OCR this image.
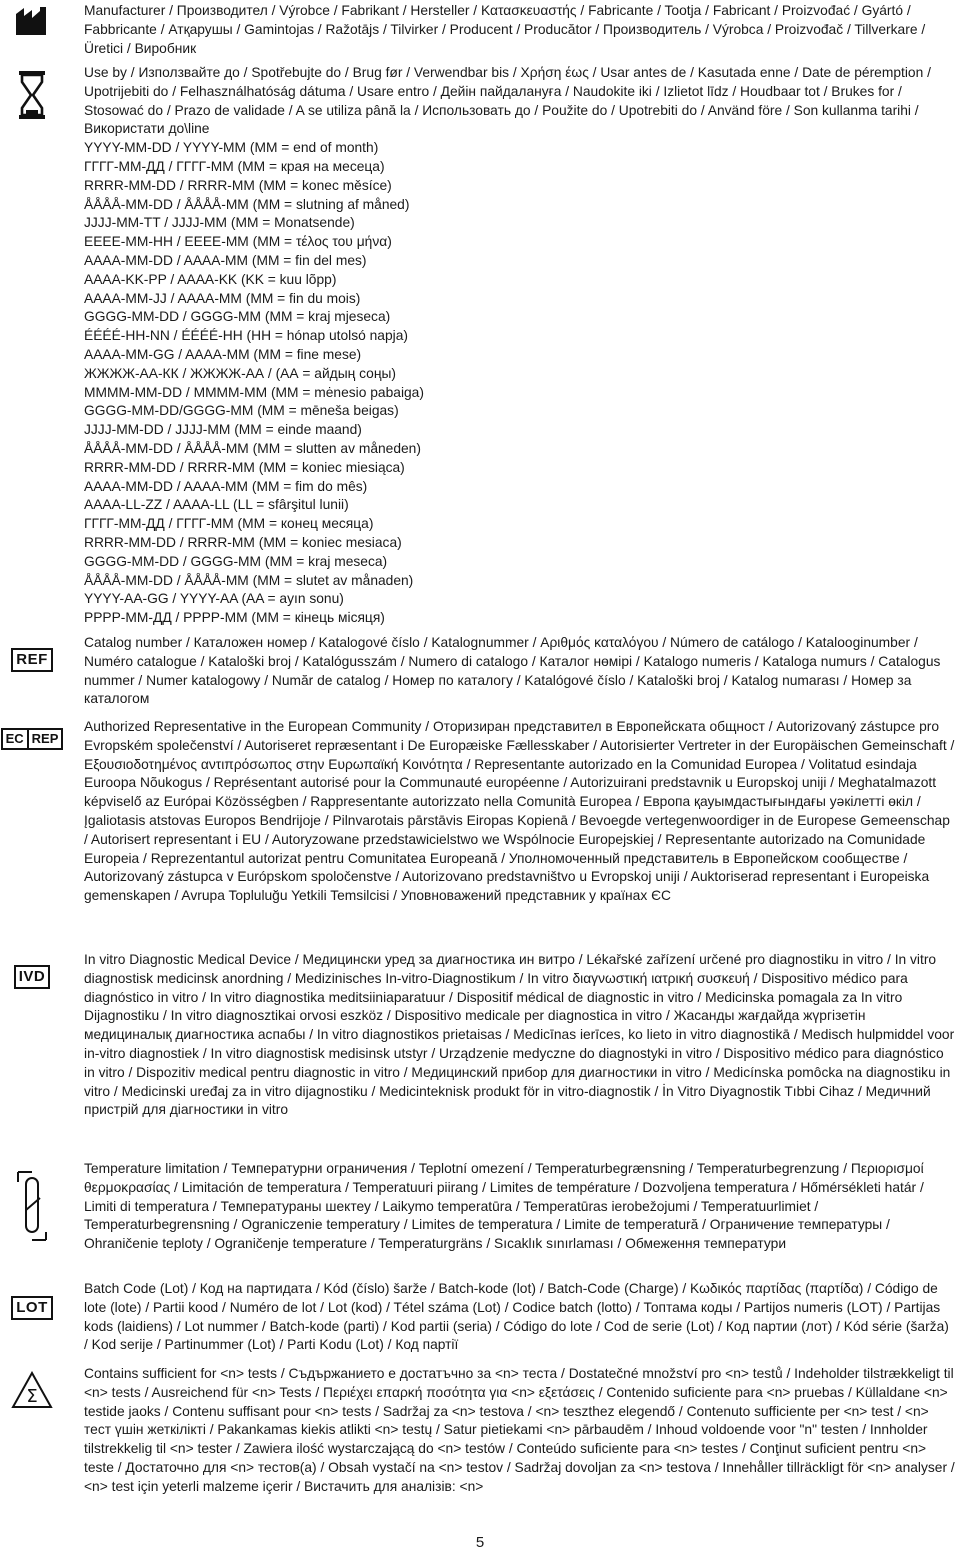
Manufacturer / Производител / Výrobce / Fabrikant / Hersteller / Κατασκευαστής / Fabricante / Tootja / Fabricant / Proizvođać / Gyártó / Fabbricante / Атқарушы / Gamintojas / Ražotājs / Tilvirker / Producent / Producător / Производитель / Výrobca / Proizvođač / Tillverkare / Üretici / Виробник

Use by / Използвайте до / Spotřebujte do / Brug før / Verwendbar bis / Χρήση έως / Usar antes de / Kasutada enne / Date de péremption / Upotrijebiti do / Felhasználhatóság dátuma / Usare entro / Дейін пайдалануға / Naudokite iki / Izlietot līdz / Houdbaar tot / Brukes for / Stosować do / Prazo de validade / A se utiliza până la / Использовать до / Použite do / Upotrebiti do / Använd före / Son kullanma tarihi / Використати до\line

YYYY-MM-DD / YYYY-MM (MM = end of month)
ГГГГ-ММ-ДД / ГГГГ-ММ (ММ = края на месеца)
RRRR-MM-DD / RRRR-MM (MM = konec měsíce)
ÅÅÅÅ-MM-DD / ÅÅÅÅ-MM (MM = slutning af måned)
JJJJ-MM-TT / JJJJ-MM (MM = Monatsende)
ΕΕΕΕ-ΜΜ-ΗΗ / ΕΕΕΕ-ΜΜ (ΜΜ = τέλος του μήνα)
AAAA-MM-DD / AAAA-MM (MM = fin del mes)
AAAA-KK-PP / AAAA-KK (KK = kuu lõpp)
AAAA-MM-JJ / AAAA-MM (MM = fin du mois)
GGGG-MM-DD / GGGG-MM (MM = kraj mjeseca)
ÉÉÉÉ-HH-NN / ÉÉÉÉ-HH (HH = hónap utolsó napja)
AAAA-MM-GG / AAAA-MM (MM = fine mese)
ЖЖЖЖ-АА-КК / ЖЖЖЖ-АА / (АА = айдың соңы)
MMMM-MM-DD / MMMM-MM (MM = mėnesio pabaiga)
GGGG-MM-DD/GGGG-MM (MM = mēneša beigas)
JJJJ-MM-DD / JJJJ-MM (MM = einde maand)
ÅÅÅÅ-MM-DD / ÅÅÅÅ-MM (MM = slutten av måneden)
RRRR-MM-DD / RRRR-MM (MM = koniec miesiąca)
AAAA-MM-DD / AAAA-MM (MM = fim do mês)
AAAA-LL-ZZ / AAAA-LL (LL = sfârşitul lunii)
ГГГГ-ММ-ДД / ГГГГ-ММ (ММ = конец месяца)
RRRR-MM-DD / RRRR-MM (MM = koniec mesiaca)
GGGG-MM-DD / GGGG-MM (MM = kraj meseca)
ÅÅÅÅ-MM-DD / ÅÅÅÅ-MM (MM = slutet av månaden)
YYYY-AA-GG / YYYY-AA (AA = ayın sonu)
РРРР-ММ-ДД / РРРР-ММ (ММ = кінець місяця)
REF

Catalog number / Каталожен номер / Katalogové číslo / Katalognummer / Αριθμός καταλόγου / Número de catálogo / Katalooginumber / Numéro catalogue / Kataloški broj / Katalógusszám / Numero di catalogo / Каталог нөмірі / Katalogo numeris / Kataloga numurs / Catalogus nummer / Numer katalogowy / Număr de catalog / Номер по каталогу / Katalógové číslo / Kataloški broj / Katalog numarası / Номер за каталогом

EC REP

Authorized Representative in the European Community / Оторизиран представител в Европейската общност / Autorizovaný zástupce pro Evropském společenství / Autoriseret repræsentant i De Europæiske Fællesskaber / Autorisierter Vertreter in der Europäischen Gemeinschaft / Εξουσιοδοτημένος αντιπρόσωπος στην Ευρωπαϊκή Κοινότητα / Representante autorizado en la Comunidad Europea / Volitatud esindaja Euroopa Nõukogus / Représentant autorisé pour la Communauté européenne / Autorizuirani predstavnik u Europskoj uniji / Meghatalmazott képviselő az Európai Közösségben / Rappresentante autorizzato nella Comunità Europea / Европа қауымдастығындағы уәкілетті өкіл / Įgaliotasis atstovas Europos Bendrijoje / Pilnvarotais pārstāvis Eiropas Kopienā / Bevoegde vertegenwoordiger in de Europese Gemeenschap / Autorisert representant i EU / Autoryzowane przedstawicielstwo we Wspólnocie Europejskiej / Representante autorizado na Comunidade Europeia / Reprezentantul autorizat pentru Comunitatea Europeană / Уполномоченный представитель в Европейском сообществе / Autorizovaný zástupca v Európskom spoločenstve / Autorizovano predstavništvo u Evropskoj uniji / Auktoriserad representant i Europeiska gemenskapen / Avrupa Topluluğu Yetkili Temsilcisi / Упoвноважений представник у країнах ЄС

IVD

In vitro Diagnostic Medical Device / Медицински уред за диагностика ин витро / Lékařské zařízení určené pro diagnostiku in vitro / In vitro diagnostisk medicinsk anordning / Medizinisches In-vitro-Diagnostikum / In vitro διαγνωστική ιατρική συσκευή / Dispositivo médico para diagnóstico in vitro / In vitro diagnostika meditsiiniaparatuur / Dispositif médical de diagnostic in vitro / Medicinska pomagala za In vitro Dijagnostiku / In vitro diagnosztikai orvosi eszköz / Dispositivo medicale per diagnostica in vitro / Жасанды жағдайда жүргізетін медициналық диагностика аспабы / In vitro diagnostikos prietaisas / Medicīnas ierīces, ko lieto in vitro diagnostikā / Medisch hulpmiddel voor in-vitro diagnostiek / In vitro diagnostisk medisinsk utstyr / Urządzenie medyczne do diagnostyki in vitro / Dispositivo médico para diagnóstico in vitro / Dispozitiv medical pentru diagnostic in vitro / Медицинский прибор для диагностики in vitro / Medicínska pomôcka na diagnostiku in vitro / Medicinski uređaj za in vitro dijagnostiku / Medicinteknisk produkt för in vitro-diagnostik / İn Vitro Diyagnostik Tıbbi Cihaz / Медичний пристрій для діагностики in vitro

Temperature limitation / Температурни ограничения / Teplotní omezení / Temperaturbegrænsning / Temperaturbegrenzung / Περιορισμοί θερμοκρασίας / Limitación de temperatura / Temperatuuri piirang / Limites de température / Dozvoljena temperatura / Hőmérsékleti határ / Limiti di temperatura / Температураны шектеу / Laikymo temperatūra / Temperatūras ierobežojumi / Temperatuurlimiet / Temperaturbegrensning / Ograniczenie temperatury / Limites de temperatura / Limite de temperatură / Ограничение температуры / Ohraničenie teploty / Ograničenje temperature / Temperaturgräns / Sıcaklık sınırlaması / Обмеження температури

LOT

Batch Code (Lot) / Код на партидата / Kód (číslo) šarže / Batch-kode (lot) / Batch-Code (Charge) / Κωδικός παρτίδας (παρτίδα) / Código de lote (lote) / Partii kood / Numéro de lot / Lot (kod) / Tétel száma (Lot) / Codice batch (lotto) / Топтама коды / Partijos numeris (LOT) / Partijas kods (laidiens) / Lot nummer / Batch-kode (parti) / Kod partii (seria) / Código do lote / Cod de serie (Lot) / Код партии (лот) / Kód série (šarža) / Kod serije / Partinummer (Lot) / Parti Kodu (Lot) / Код партії

Σ

Contains sufficient for <n> tests / Съдържанието е достатъчно за <n> теста / Dostatečné množství pro <n> testů / Indeholder tilstrækkeligt til <n> tests / Ausreichend für <n> Tests / Περιέχει επαρκή ποσότητα για <n> εξετάσεις / Contenido suficiente para <n> pruebas / Küllaldane <n> testide jaoks / Contenu suffisant pour <n> tests / Sadržaj za <n> testova / <n> teszthez elegendő / Contenuto sufficiente per <n> test / <n> тест үшін жеткілікті / Pakankamas kiekis atlikti <n> testų / Satur pietiekami <n> pārbaudēm / Inhoud voldoende voor "n" testen / Innholder tilstrekkelig til <n> tester / Zawiera ilość wystarczającą do <n> testów / Conteúdo suficiente para <n> testes / Conţinut suficient pentru <n> teste / Достаточно для <n> тестов(а) / Obsah vystačí na <n> testov / Sadržaj dovoljan za <n> testova / Innehåller tillräckligt för <n> analyser / <n> test için yeterli malzeme içerir / Вистачить для аналізів: <n>

5
